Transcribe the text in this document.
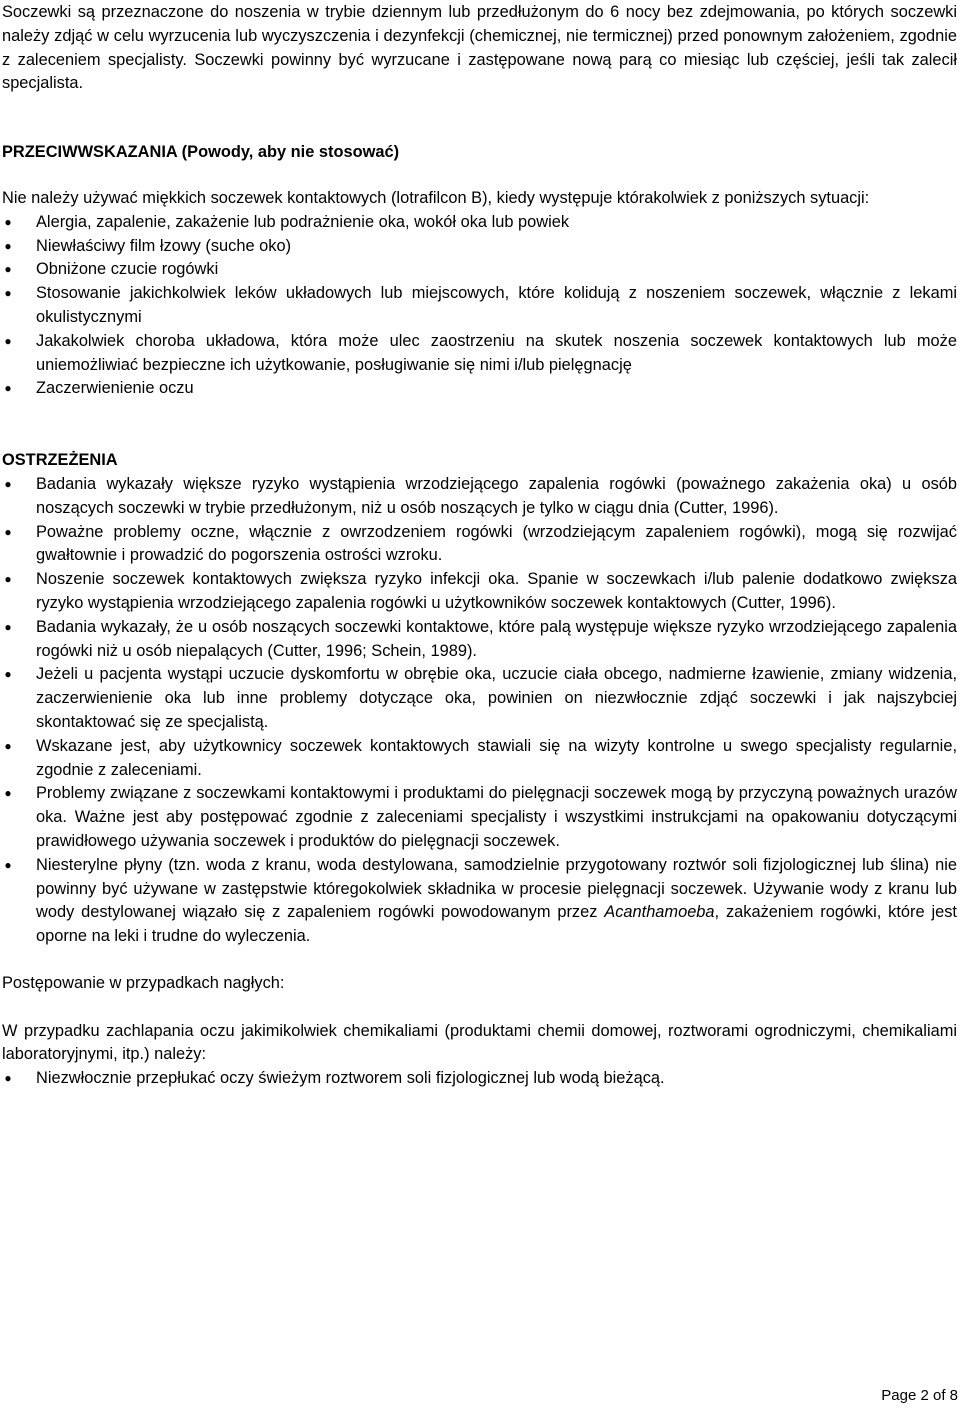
Soczewki są przeznaczone do noszenia w trybie dziennym lub przedłużonym do 6 nocy bez zdejmowania, po których soczewki należy zdjąć w celu wyrzucenia lub wyczyszczenia i dezynfekcji (chemicznej, nie termicznej) przed ponownym założeniem, zgodnie z zaleceniem specjalisty. Soczewki powinny być wyrzucane i zastępowane nową parą co miesiąc lub częściej, jeśli tak zalecił specjalista.

PRZECIWWSKAZANIA (Powody, aby nie stosować)

Nie należy używać miękkich soczewek kontaktowych (lotrafilcon B), kiedy występuje którakolwiek z poniższych sytuacji:

● Alergia, zapalenie, zakażenie lub podrażnienie oka, wokół oka lub powiek
● Niewłaściwy film łzowy (suche oko)
● Obniżone czucie rogówki
● Stosowanie jakichkolwiek leków układowych lub miejscowych, które kolidują z noszeniem soczewek, włącznie z lekami okulistycznymi
● Jakakolwiek choroba układowa, która może ulec zaostrzeniu na skutek noszenia soczewek kontaktowych lub może uniemożliwiać bezpieczne ich użytkowanie, posługiwanie się nimi i/lub pielęgnację
● Zaczerwienienie oczu

OSTRZEŻENIA

● Badania wykazały większe ryzyko wystąpienia wrzodziejącego zapalenia rogówki (poważnego zakażenia oka) u osób noszących soczewki w trybie przedłużonym, niż u osób noszących je tylko w ciągu dnia (Cutter, 1996).
● Poważne problemy oczne, włącznie z owrzodzeniem rogówki (wrzodziejącym zapaleniem rogówki), mogą się rozwijać gwałtownie i prowadzić do pogorszenia ostrości wzroku.
● Noszenie soczewek kontaktowych zwiększa ryzyko infekcji oka. Spanie w soczewkach i/lub palenie dodatkowo zwiększa ryzyko wystąpienia wrzodziejącego zapalenia rogówki u użytkowników soczewek kontaktowych (Cutter, 1996).
● Badania wykazały, że u osób noszących soczewki kontaktowe, które palą występuje większe ryzyko wrzodziejącego zapalenia rogówki niż u osób niepalących (Cutter, 1996; Schein, 1989).
● Jeżeli u pacjenta wystąpi uczucie dyskomfortu w obrębie oka, uczucie ciała obcego, nadmierne łzawienie, zmiany widzenia, zaczerwienienie oka lub inne problemy dotyczące oka, powinien on niezwłocznie zdjąć soczewki i jak najszybciej skontaktować się ze specjalistą.
● Wskazane jest, aby użytkownicy soczewek kontaktowych stawiali się na wizyty kontrolne u swego specjalisty regularnie, zgodnie z zaleceniami.
● Problemy związane z soczewkami kontaktowymi i produktami do pielęgnacji soczewek mogą by przyczyną poważnych urazów oka. Ważne jest aby postępować zgodnie z zaleceniami specjalisty i wszystkimi instrukcjami na opakowaniu dotyczącymi prawidłowego używania soczewek i produktów do pielęgnacji soczewek.
● Niesterylne płyny (tzn. woda z kranu, woda destylowana, samodzielnie przygotowany roztwór soli fizjologicznej lub ślina) nie powinny być używane w zastępstwie któregokolwiek składnika w procesie pielęgnacji soczewek. Używanie wody z kranu lub wody destylowanej wiązało się z zapaleniem rogówki powodowanym przez Acanthamoeba, zakażeniem rogówki, które jest oporne na leki i trudne do wyleczenia.

Postępowanie w przypadkach nagłych:

W przypadku zachlapania oczu jakimikolwiek chemikaliami (produktami chemii domowej, roztworami ogrodniczymi, chemikaliami laboratoryjnymi, itp.) należy:

● Niezwłocznie przepłukać oczy świeżym roztworem soli fizjologicznej lub wodą bieżącą.
Page 2 of 8
